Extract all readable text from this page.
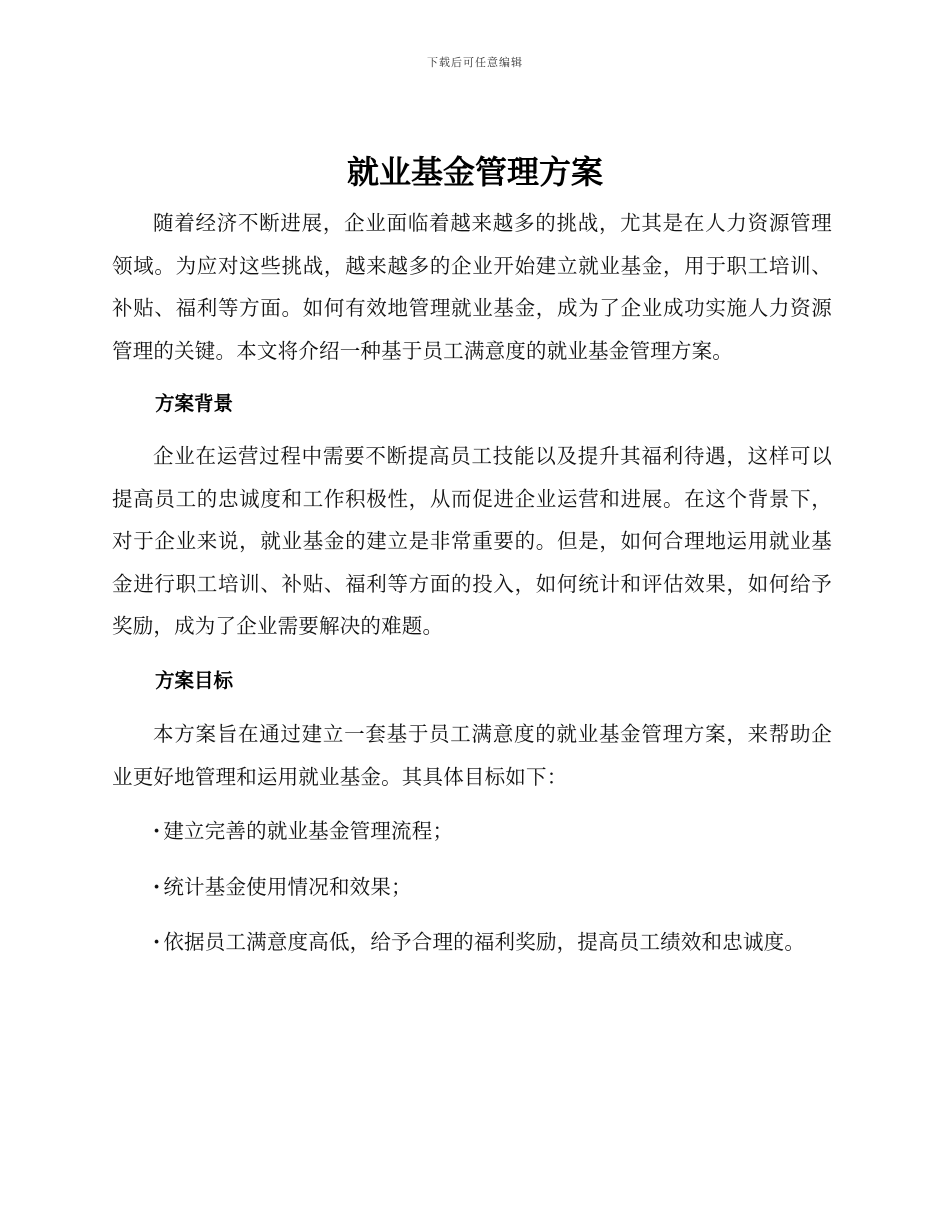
下载后可任意编辑
就业基金管理方案

随着经济不断进展，企业面临着越来越多的挑战，尤其是在人力资源管理领域。为应对这些挑战，越来越多的企业开始建立就业基金，用于职工培训、补贴、福利等方面。如何有效地管理就业基金，成为了企业成功实施人力资源管理的关键。本文将介绍一种基于员工满意度的就业基金管理方案。

方案背景

企业在运营过程中需要不断提高员工技能以及提升其福利待遇，这样可以提高员工的忠诚度和工作积极性，从而促进企业运营和进展。在这个背景下，对于企业来说，就业基金的建立是非常重要的。但是，如何合理地运用就业基金进行职工培训、补贴、福利等方面的投入，如何统计和评估效果，如何给予奖励，成为了企业需要解决的难题。

方案目标

本方案旨在通过建立一套基于员工满意度的就业基金管理方案，来帮助企业更好地管理和运用就业基金。其具体目标如下：

· 建立完善的就业基金管理流程；

· 统计基金使用情况和效果；

· 依据员工满意度高低，给予合理的福利奖励，提高员工绩效和忠诚度。
